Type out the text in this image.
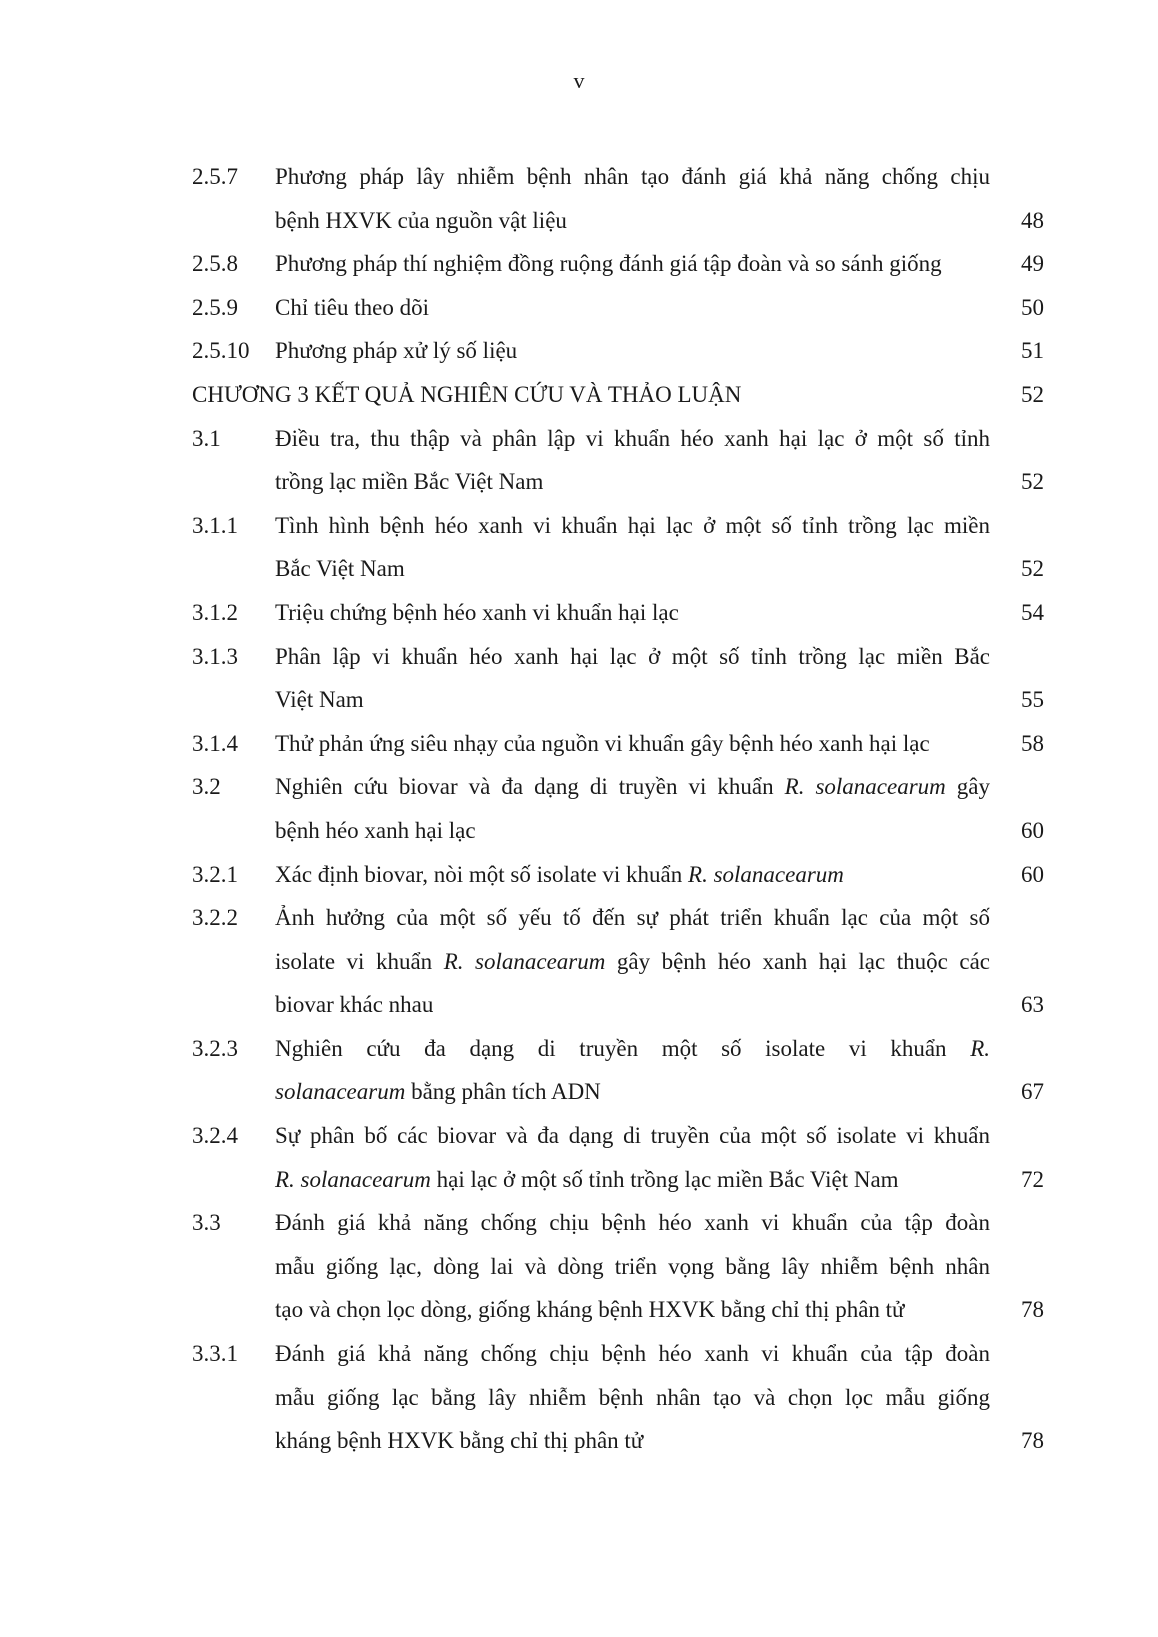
v
2.5.7 Phương pháp lây nhiễm bệnh nhân tạo đánh giá khả năng chống chịu
bệnh HXVK của nguồn vật liệu	48
2.5.8 Phương pháp thí nghiệm đồng ruộng đánh giá tập đoàn và so sánh giống	49
2.5.9 Chỉ tiêu theo dõi	50
2.5.10 Phương pháp xử lý số liệu	51
CHƯƠNG 3 KẾT QUẢ NGHIÊN CỨU VÀ THẢO LUẬN	52
3.1 Điều tra, thu thập và phân lập vi khuẩn héo xanh hại lạc ở một số tỉnh
trồng lạc miền Bắc Việt Nam	52
3.1.1 Tình hình bệnh héo xanh vi khuẩn hại lạc ở một số tỉnh trồng lạc miền
Bắc Việt Nam	52
3.1.2 Triệu chứng bệnh héo xanh vi khuẩn hại lạc	54
3.1.3 Phân lập vi khuẩn héo xanh hại lạc ở một số tỉnh trồng lạc miền Bắc
Việt Nam	55
3.1.4 Thử phản ứng siêu nhạy của nguồn vi khuẩn gây bệnh héo xanh hại lạc	58
3.2 Nghiên cứu biovar và đa dạng di truyền vi khuẩn R. solanacearum gây
bệnh héo xanh hại lạc	60
3.2.1 Xác định biovar, nòi một số isolate vi khuẩn R. solanacearum	60
3.2.2 Ảnh hưởng của một số yếu tố đến sự phát triển khuẩn lạc của một số
isolate vi khuẩn R. solanacearum gây bệnh héo xanh hại lạc thuộc các
biovar khác nhau	63
3.2.3 Nghiên cứu đa dạng di truyền một số isolate vi khuẩn R.
solanacearum bằng phân tích ADN	67
3.2.4 Sự phân bố các biovar và đa dạng di truyền của một số isolate vi khuẩn
R. solanacearum hại lạc ở một số tỉnh trồng lạc miền Bắc Việt Nam	72
3.3 Đánh giá khả năng chống chịu bệnh héo xanh vi khuẩn của tập đoàn
mẫu giống lạc, dòng lai và dòng triển vọng bằng lây nhiễm bệnh nhân
tạo và chọn lọc dòng, giống kháng bệnh HXVK bằng chỉ thị phân tử	78
3.3.1 Đánh giá khả năng chống chịu bệnh héo xanh vi khuẩn của tập đoàn
mẫu giống lạc bằng lây nhiễm bệnh nhân tạo và chọn lọc mẫu giống
kháng bệnh HXVK bằng chỉ thị phân tử	78
